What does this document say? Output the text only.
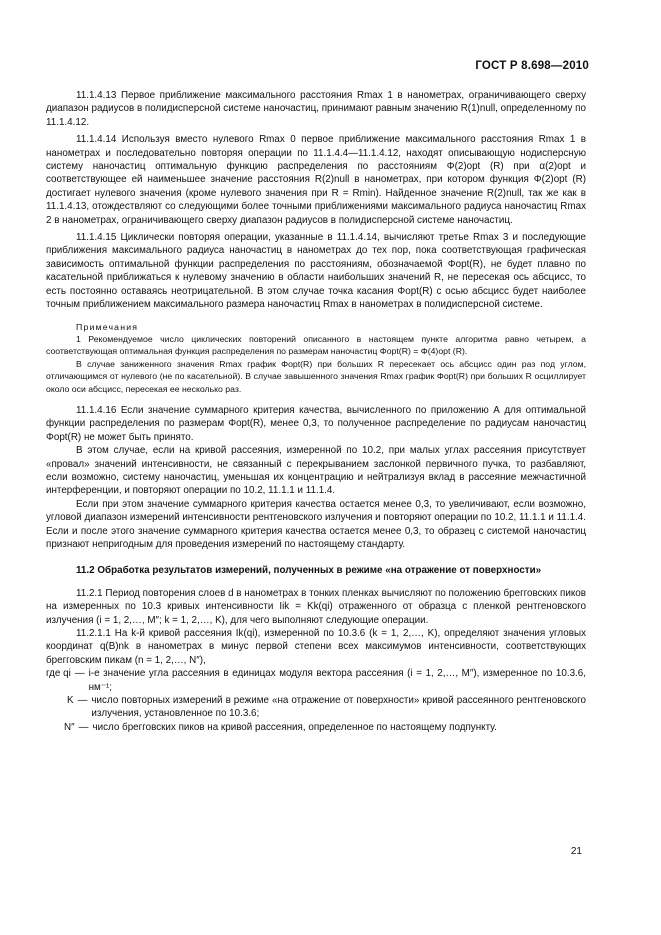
ГОСТ Р 8.698—2010

11.1.4.13 Первое приближение максимального расстояния Rmax 1 в нанометрах, ограничивающего сверху диапазон радиусов в полидисперсной системе наночастиц, принимают равным значению R(1)null, определенному по 11.1.4.12.

11.1.4.14 Используя вместо нулевого Rmax 0 первое приближение максимального расстояния Rmax 1 в нанометрах и последовательно повторяя операции по 11.1.4.4—11.1.4.12, находят описывающую нодисперсную систему наночастиц оптимальную функцию распределения по расстояниям Φ(2)opt (R) при α(2)opt и соответствующее ей наименьшее значение расстояния R(2)null в нанометрах, при котором функция Φ(2)opt (R) достигает нулевого значения (кроме нулевого значения при R = Rmin). Найденное значение R(2)null, так же как в 11.1.4.13, отождествляют со следующими более точными приближениями максимального радиуса наночастиц Rmax 2 в нанометрах, ограничивающего сверху диапазон радиусов в полидисперсной системе наночастиц.

11.1.4.15 Циклически повторяя операции, указанные в 11.1.4.14, вычисляют третье Rmax 3 и последующие приближения максимального радиуса наночастиц в нанометрах до тех пор, пока соответствующая графическая зависимость оптимальной функции распределения по расстояниям, обозначаемой Φopt(R), не будет плавно по касательной приближаться к нулевому значению в области наибольших значений R, не пересекая ось абсциcc, то есть постоянно оставаясь неотрицательной. В этом случае точка касания Φopt(R) с осью абсцисс будет наиболее точным приближением максимального размера наночастиц Rmax в нанометрах в полидисперсной системе.

Примечания

1 Рекомендуемое число циклических повторений описанного в настоящем пункте алгоритма равно четырем, а соответствующая оптимальная функция распределения по размерам наночастиц Φopt(R) = Φ(4)opt (R).

В случае заниженного значения Rmax график Φopt(R) при больших R пересекает ось абсцисс один раз под углом, отличающимся от нулевого (не по касательной). В случае завышенного значения Rmax график Φopt(R) при больших R осциллирует около оси абсцисс, пересекая ее несколько раз.

11.1.4.16 Если значение суммарного критерия качества, вычисленного по приложению А для оптимальной функции распределения по размерам Φopt(R), менее 0,3, то полученное распределение по радиусам наночастиц Φopt(R) не может быть принято.

В этом случае, если на кривой рассеяния, измеренной по 10.2, при малых углах рассеяния присутствует «провал» значений интенсивности, не связанный с перекрыванием заслонкой первичного пучка, то разбавляют, если возможно, систему наночастиц, уменьшая их концентрацию и нейтрализуя вклад в рассеяние межчастичной интерференции, и повторяют операции по 10.2, 11.1.1 и 11.1.4.

Если при этом значение суммарного критерия качества остается менее 0,3, то увеличивают, если возможно, угловой диапазон измерений интенсивности рентгеновского излучения и повторяют операции по 10.2, 11.1.1 и 11.1.4. Если и после этого значение суммарного критерия качества остается менее 0,3, то образец с системой наночастиц признают непригодным для проведения измерений по настоящему стандарту.

11.2 Обработка результатов измерений, полученных в режиме «на отражение от поверхности»

11.2.1 Период повторения слоев d в нанометрах в тонких пленках вычисляют по положению брегговских пиков на измеренных по 10.3 кривых интенсивности Iik = Kk(qi) отраженного от образца с пленкой рентгеновского излучения (i = 1, 2,…, M″; k = 1, 2,…, K), для чего выполняют следующие операции.

11.2.1.1 На k-й кривой рассеяния Ik(qi), измеренной по 10.3.6 (k = 1, 2,…, K), определяют значения угловых координат q(B)nk в нанометрах в минус первой степени всех максимумов интенсивности, соответствующих брегговским пикам (n = 1, 2,…, N″),

где qi — i-е значение угла рассеяния в единицах модуля вектора рассеяния (i = 1, 2,…, M″), измеренное по 10.3.6, нм⁻¹;
K — число повторных измерений в режиме «на отражение от поверхности» кривой рассеянного рентгеновского излучения, установленное по 10.3.6;
N″ — число брегговских пиков на кривой рассеяния, определенное по настоящему подпункту.
21
